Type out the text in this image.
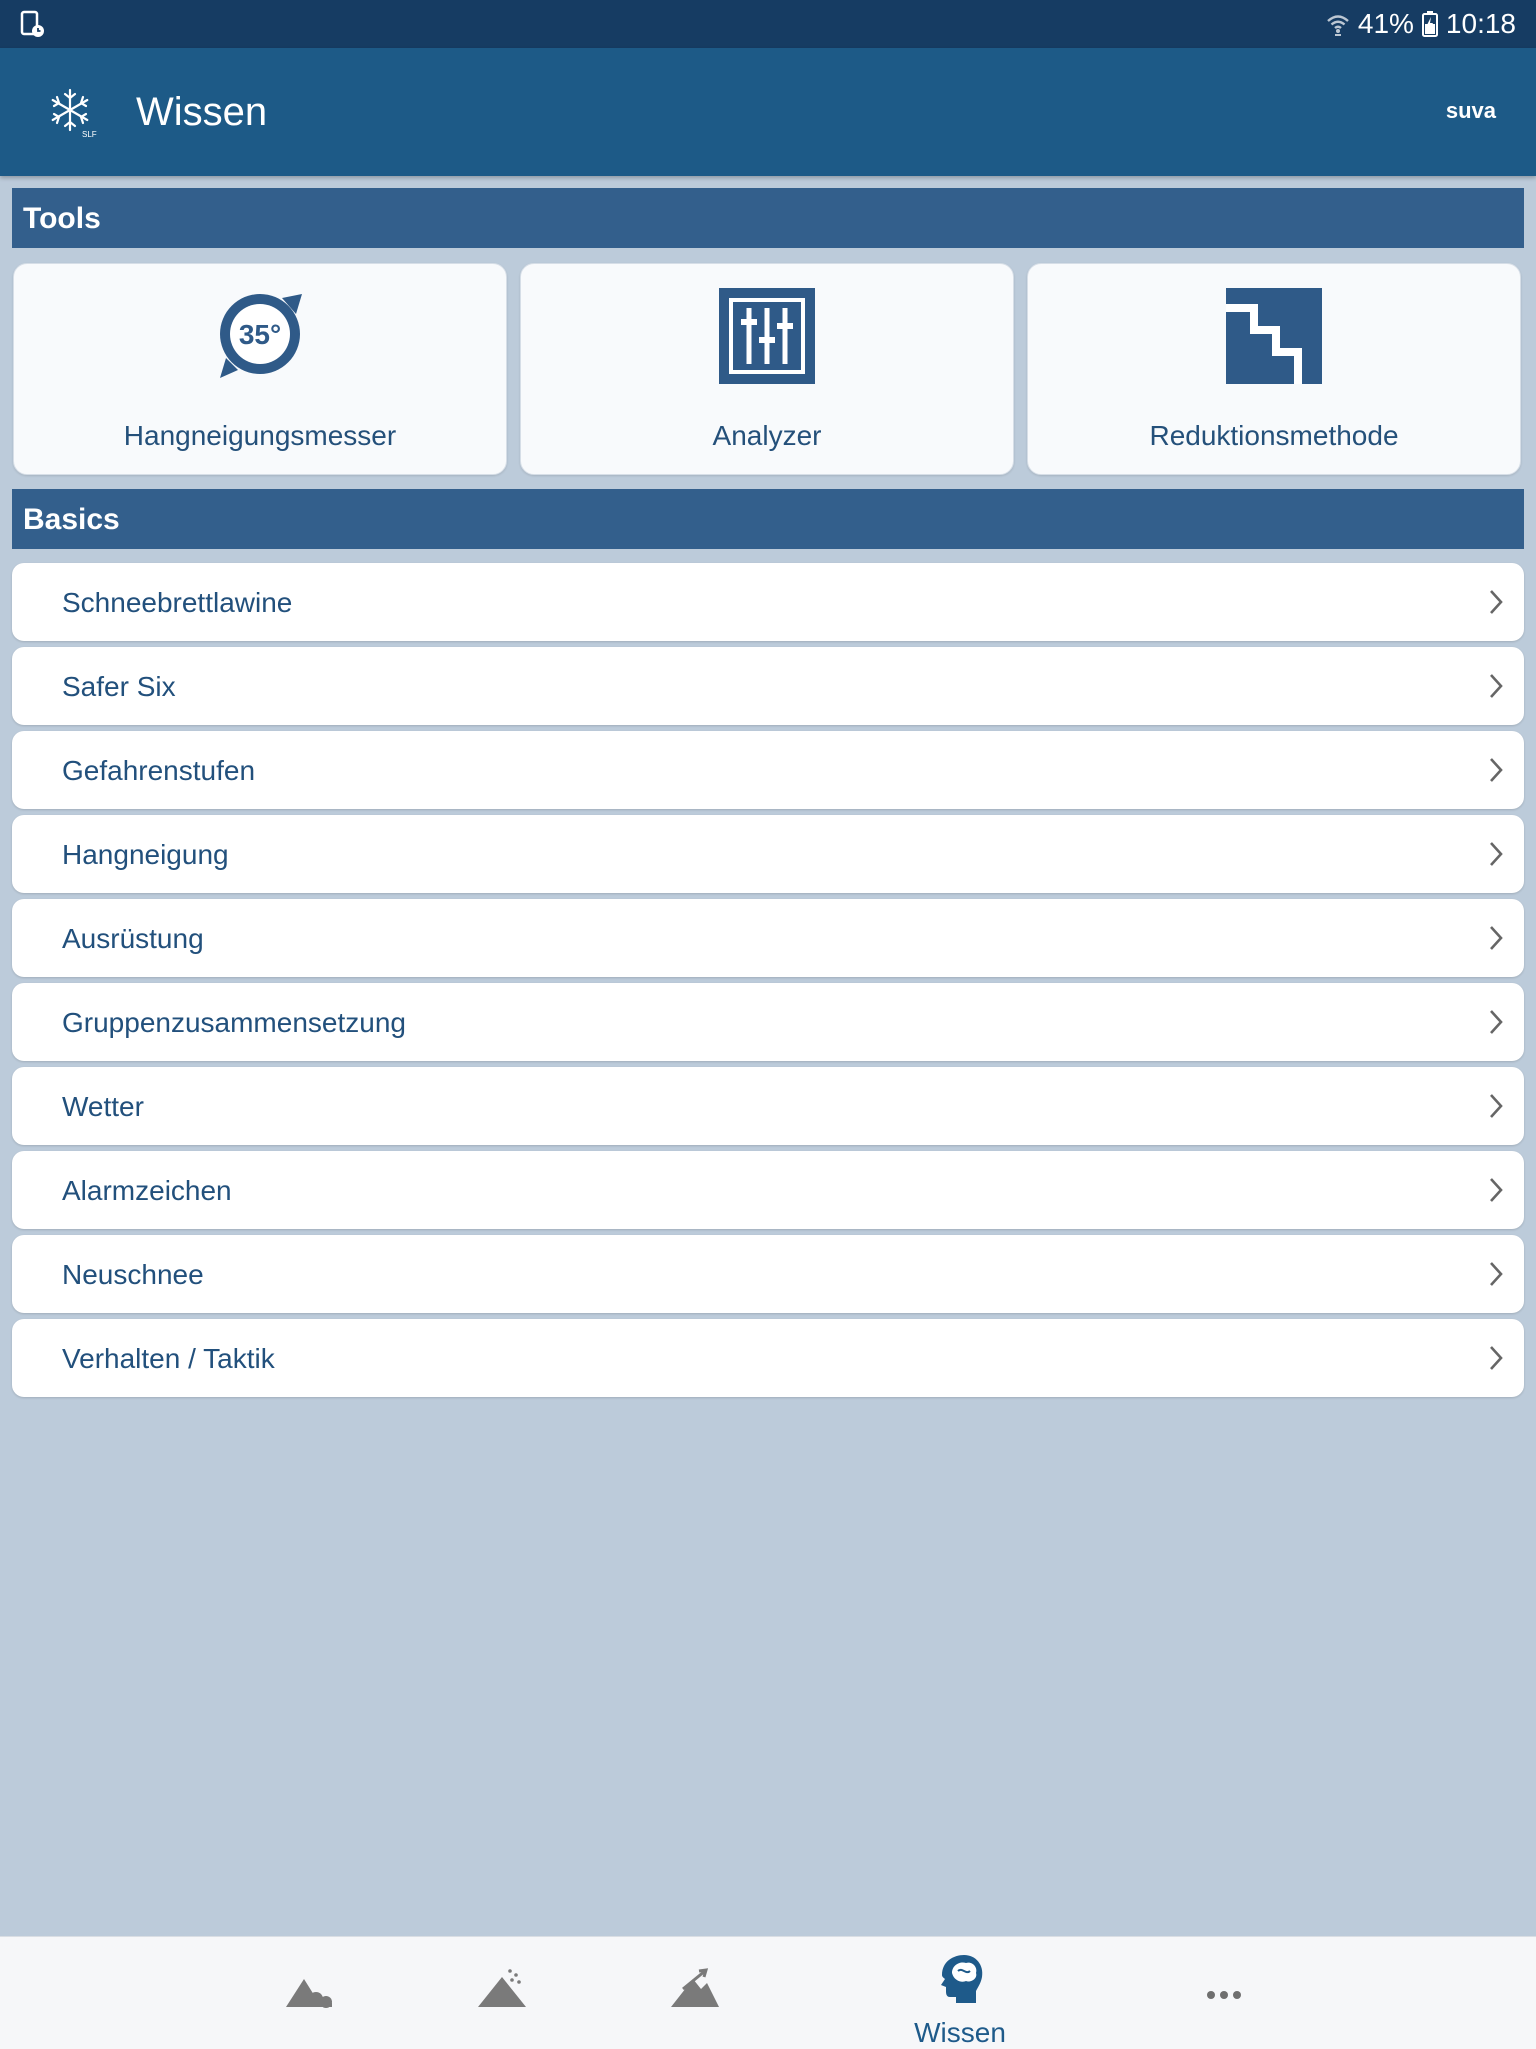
41% 10:18
SLF
Wissen	suva
Tools
35°
Hangneigungsmesser	Analyzer	Reduktionsmethode
Basics
Schneebrettlawine
Safer Six
Gefahrenstufen
Hangneigung
Ausrüstung
Gruppenzusammensetzung
Wetter
Alarmzeichen
Neuschnee
Verhalten / Taktik
Wissen
